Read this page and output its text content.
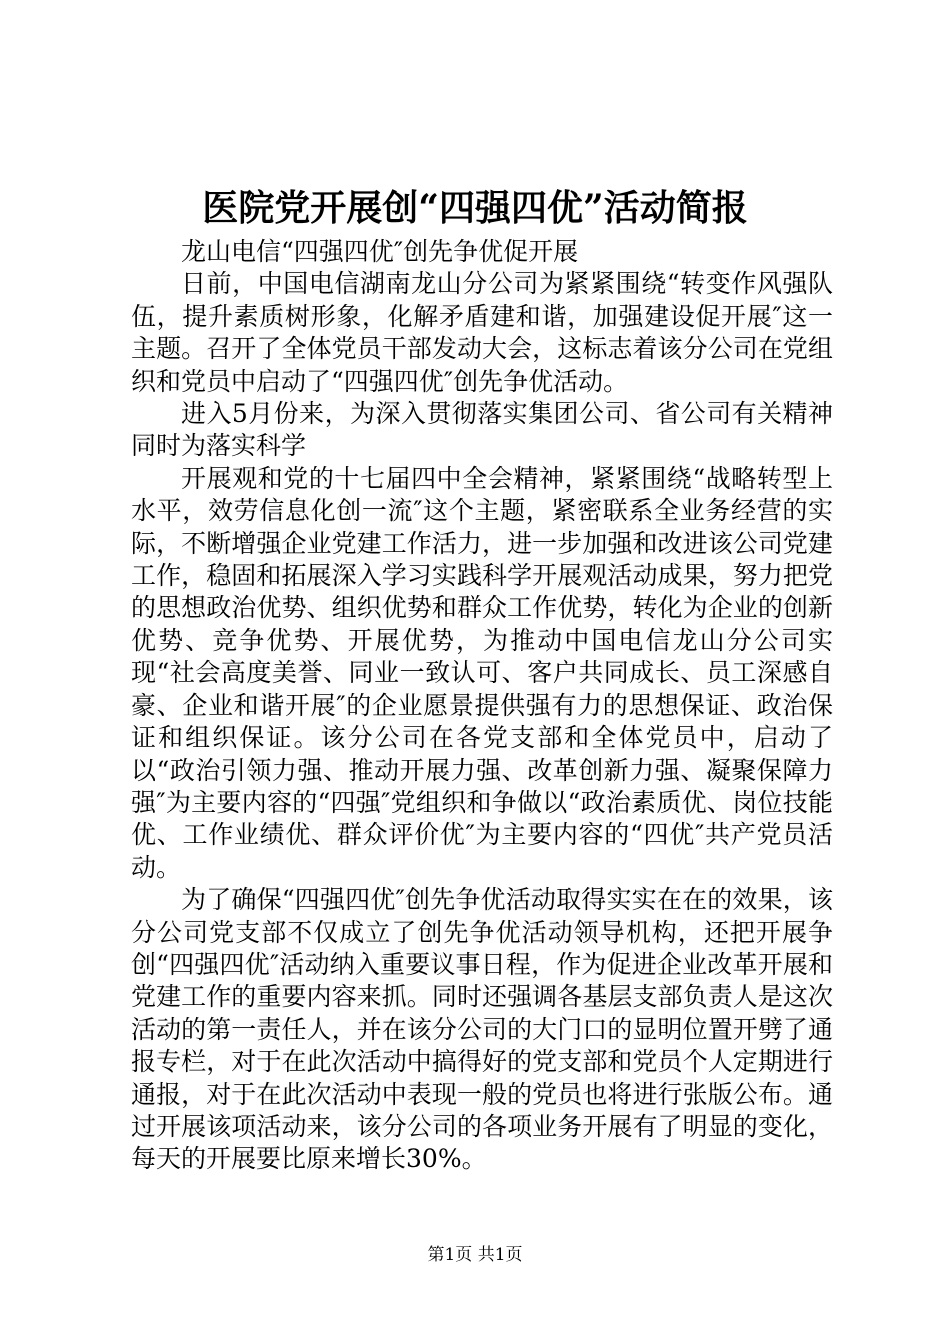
医院党开展创“四强四优”活动简报

龙山电信“四强四优″创先争优促开展

日前，中国电信湖南龙山分公司为紧紧围绕“转变作风强队伍，提升素质树形象，化解矛盾建和谐，加强建设促开展″这一主题。召开了全体党员干部发动大会，这标志着该分公司在党组织和党员中启动了“四强四优″创先争优活动。

进入5月份来，为深入贯彻落实集团公司、省公司有关精神同时为落实科学

开展观和党的十七届四中全会精神，紧紧围绕“战略转型上水平，效劳信息化创一流″这个主题，紧密联系全业务经营的实际，不断增强企业党建工作活力，进一步加强和改进该公司党建工作，稳固和拓展深入学习实践科学开展观活动成果，努力把党的思想政治优势、组织优势和群众工作优势，转化为企业的创新优势、竞争优势、开展优势，为推动中国电信龙山分公司实现“社会高度美誉、同业一致认可、客户共同成长、员工深感自豪、企业和谐开展″的企业愿景提供强有力的思想保证、政治保证和组织保证。该分公司在各党支部和全体党员中，启动了以“政治引领力强、推动开展力强、改革创新力强、凝聚保障力强″为主要内容的“四强″党组织和争做以“政治素质优、岗位技能优、工作业绩优、群众评价优″为主要内容的“四优″共产党员活动。

为了确保“四强四优″创先争优活动取得实实在在的效果，该分公司党支部不仅成立了创先争优活动领导机构，还把开展争创“四强四优″活动纳入重要议事日程，作为促进企业改革开展和党建工作的重要内容来抓。同时还强调各基层支部负责人是这次活动的第一责任人，并在该分公司的大门口的显明位置开劈了通报专栏，对于在此次活动中搞得好的党支部和党员个人定期进行通报，对于在此次活动中表现一般的党员也将进行张版公布。通过开展该项活动来，该分公司的各项业务开展有了明显的变化，每天的开展要比原来增长30%。

第1页 共1页
